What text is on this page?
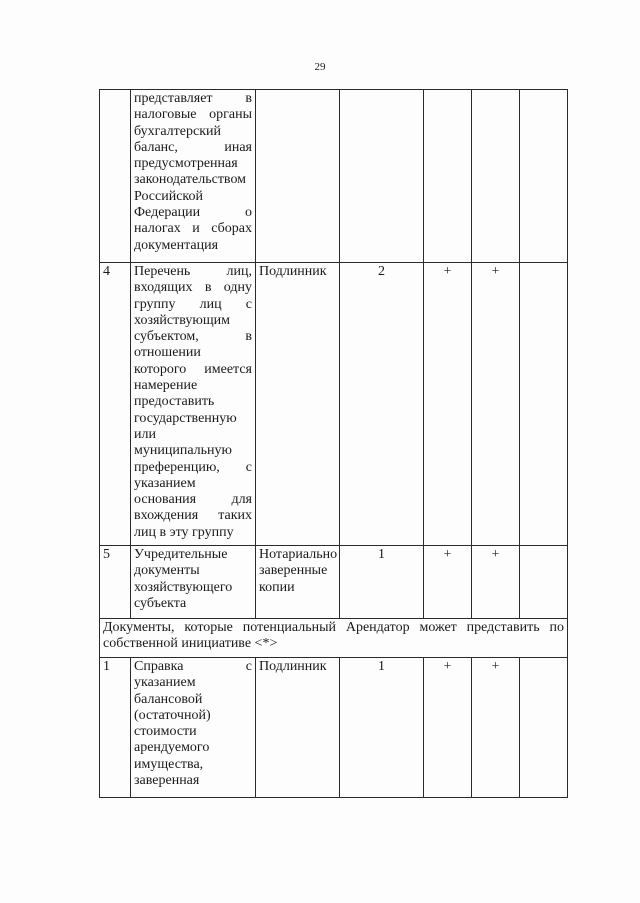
29
	представляет в налоговые органы бухгалтерский баланс, иная предусмотренная законодательством Российской Федерации о налогах и сборах документация					
4	Перечень лиц, входящих в одну группу лиц с хозяйствующим субъектом, в отношении которого имеется намерение предоставить государственную или муниципальную преференцию, с указанием основания для вхождения таких лиц в эту группу	Подлинник	2	+	+	
5	Учредительные документы хозяйствующего субъекта	Нотариально заверенные копии	1	+	+	
Документы, которые потенциальный Арендатор может представить по собственной инициативе <*>						
1	Справка с указанием балансовой (остаточной) стоимости арендуемого имущества, заверенная	Подлинник	1	+	+	
